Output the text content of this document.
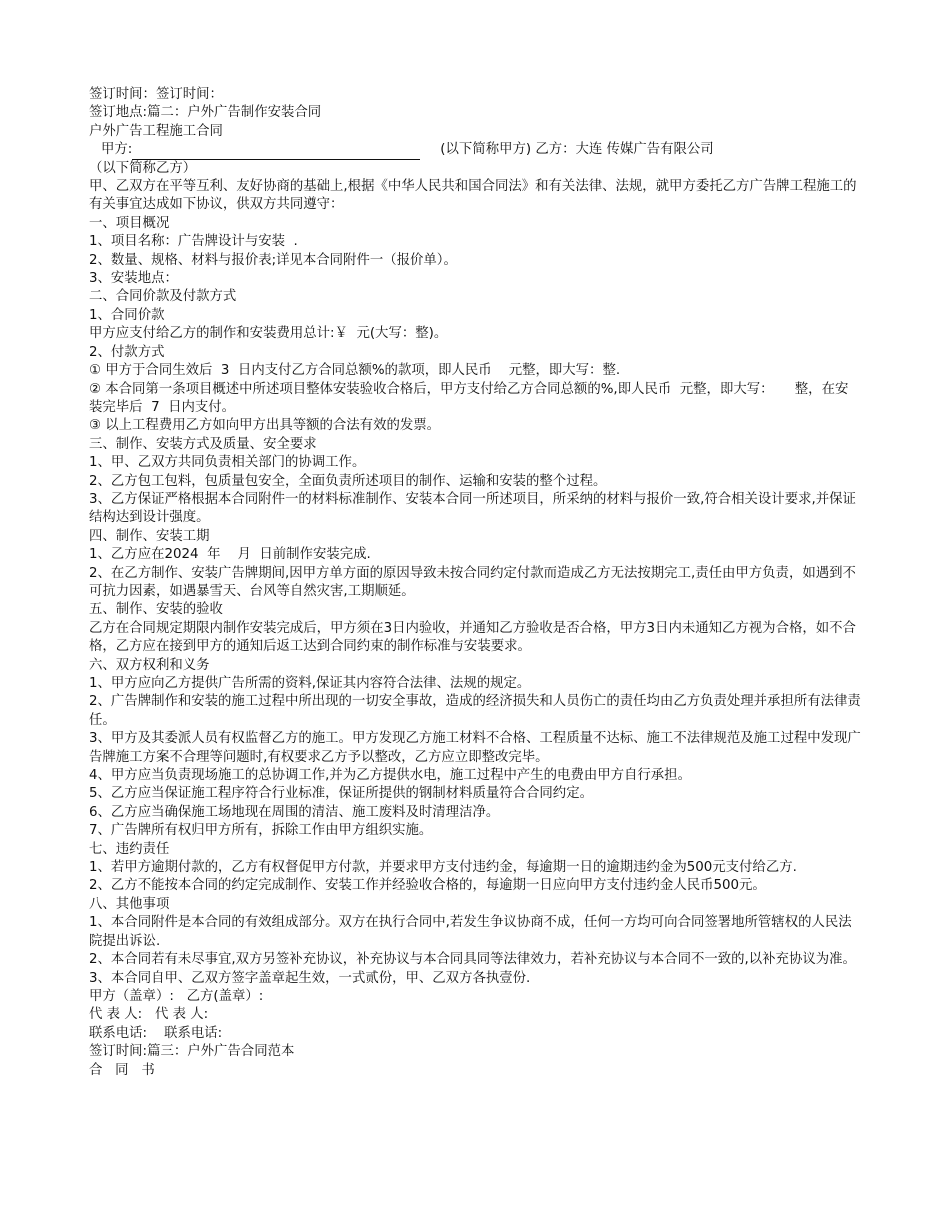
签订时间：签订时间：
签订地点:篇二：户外广告制作安装合同
户外广告工程施工合同
甲方:	(以下简称甲方) 乙方：大连 传媒广告有限公司
（以下简称乙方）
甲、乙双方在平等互利、友好协商的基础上,根据《中华人民共和国合同法》和有关法律、法规，就甲方委托乙方广告牌工程施工的有关事宜达成如下协议，供双方共同遵守：
一、项目概况
1、项目名称：广告牌设计与安装  .
2、数量、规格、材料与报价表;详见本合同附件一（报价单）。
3、安装地点：
二、合同价款及付款方式
1、合同价款
甲方应支付给乙方的制作和安装费用总计:￥  元(大写：整)。
2、付款方式
① 甲方于合同生效后  3  日内支付乙方合同总额%的款项，即人民币    元整，即大写：整.
② 本合同第一条项目概述中所述项目整体安装验收合格后，甲方支付给乙方合同总额的%,即人民币  元整，即大写：     整，在安装完毕后  7  日内支付。
③ 以上工程费用乙方如向甲方出具等额的合法有效的发票。
三、制作、安装方式及质量、安全要求
1、甲、乙双方共同负责相关部门的协调工作。
2、乙方包工包料，包质量包安全，全面负责所述项目的制作、运输和安装的整个过程。
3、乙方保证严格根据本合同附件一的材料标准制作、安装本合同一所述项目，所采纳的材料与报价一致,符合相关设计要求,并保证结构达到设计强度。
四、制作、安装工期
1、乙方应在2024  年    月  日前制作安装完成.
2、在乙方制作、安装广告牌期间,因甲方单方面的原因导致未按合同约定付款而造成乙方无法按期完工,责任由甲方负责，如遇到不可抗力因素，如遇暴雪天、台风等自然灾害,工期顺延。
五、制作、安装的验收
乙方在合同规定期限内制作安装完成后，甲方须在3日内验收，并通知乙方验收是否合格，甲方3日内未通知乙方视为合格，如不合格，乙方应在接到甲方的通知后返工达到合同约束的制作标准与安装要求。
六、双方权利和义务
1、甲方应向乙方提供广告所需的资料,保证其内容符合法律、法规的规定。
2、广告牌制作和安装的施工过程中所出现的一切安全事故，造成的经济损失和人员伤亡的责任均由乙方负责处理并承担所有法律责任。
3、甲方及其委派人员有权监督乙方的施工。甲方发现乙方施工材料不合格、工程质量不达标、施工不法律规范及施工过程中发现广告牌施工方案不合理等问题时,有权要求乙方予以整改，乙方应立即整改完毕。
4、甲方应当负责现场施工的总协调工作,并为乙方提供水电，施工过程中产生的电费由甲方自行承担。
5、乙方应当保证施工程序符合行业标准，保证所提供的钢制材料质量符合合同约定。
6、乙方应当确保施工场地现在周围的清洁、施工废料及时清理洁净。
7、广告牌所有权归甲方所有，拆除工作由甲方组织实施。
七、违约责任
1、若甲方逾期付款的，乙方有权督促甲方付款，并要求甲方支付违约金，每逾期一日的逾期违约金为500元支付给乙方.
2、乙方不能按本合同的约定完成制作、安装工作并经验收合格的，每逾期一日应向甲方支付违约金人民币500元。
八、其他事项
1、本合同附件是本合同的有效组成部分。双方在执行合同中,若发生争议协商不成，任何一方均可向合同签署地所管辖权的人民法院提出诉讼.
2、本合同若有未尽事宜,双方另签补充协议，补充协议与本合同具同等法律效力，若补充协议与本合同不一致的,以补充协议为准。
3、本合同自甲、乙双方签字盖章起生效，一式贰份，甲、乙双方各执壹份.
甲方（盖章）:   乙方(盖章）:
代 表 人:   代 表 人:
联系电话:    联系电话:
签订时间:篇三：户外广告合同范本
合   同   书
